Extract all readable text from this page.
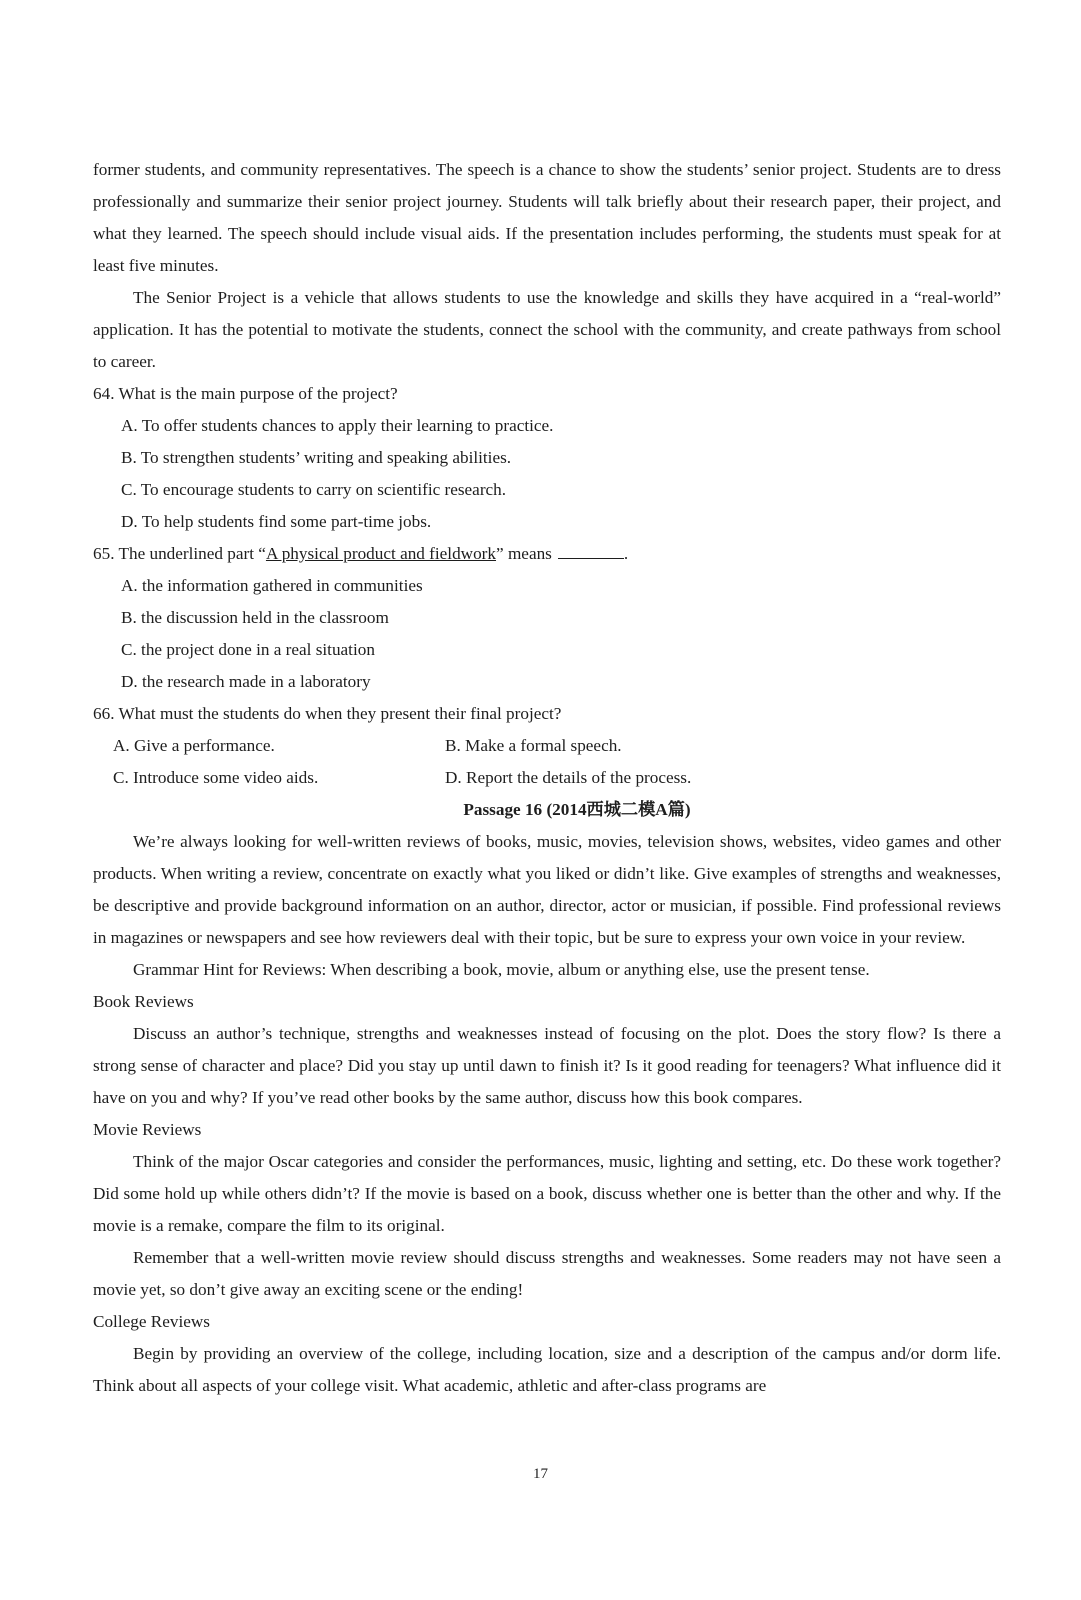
former students, and community representatives. The speech is a chance to show the students’ senior project. Students are to dress professionally and summarize their senior project journey. Students will talk briefly about their research paper, their project, and what they learned. The speech should include visual aids. If the presentation includes performing, the students must speak for at least five minutes.

The Senior Project is a vehicle that allows students to use the knowledge and skills they have acquired in a “real-world” application. It has the potential to motivate the students, connect the school with the community, and create pathways from school to career.

64. What is the main purpose of the project?

A. To offer students chances to apply their learning to practice.

B. To strengthen students’ writing and speaking abilities.

C. To encourage students to carry on scientific research.

D. To help students find some part-time jobs.

65. The underlined part “A physical product and fieldwork” means	.

A. the information gathered in communities

B. the discussion held in the classroom

C. the project done in a real situation

D. the research made in a laboratory

66. What must the students do when they present their final project?

A. Give a performance.	B. Make a formal speech.
C. Introduce some video aids.	D. Report the details of the process.

Passage 16 (2014西城二模A篇)

We’re always looking for well-written reviews of books, music, movies, television shows, websites, video games and other products. When writing a review, concentrate on exactly what you liked or didn’t like. Give examples of strengths and weaknesses, be descriptive and provide background information on an author, director, actor or musician, if possible. Find professional reviews in magazines or newspapers and see how reviewers deal with their topic, but be sure to express your own voice in your review.

Grammar Hint for Reviews: When describing a book, movie, album or anything else, use the present tense.

Book Reviews

Discuss an author’s technique, strengths and weaknesses instead of focusing on the plot. Does the story flow? Is there a strong sense of character and place? Did you stay up until dawn to finish it? Is it good reading for teenagers? What influence did it have on you and why? If you’ve read other books by the same author, discuss how this book compares.

Movie Reviews

Think of the major Oscar categories and consider the performances, music, lighting and setting, etc. Do these work together? Did some hold up while others didn’t? If the movie is based on a book, discuss whether one is better than the other and why. If the movie is a remake, compare the film to its original.

Remember that a well-written movie review should discuss strengths and weaknesses. Some readers may not have seen a movie yet, so don’t give away an exciting scene or the ending!

College Reviews

Begin by providing an overview of the college, including location, size and a description of the campus and/or dorm life. Think about all aspects of your college visit. What academic, athletic and after-class programs are

17
